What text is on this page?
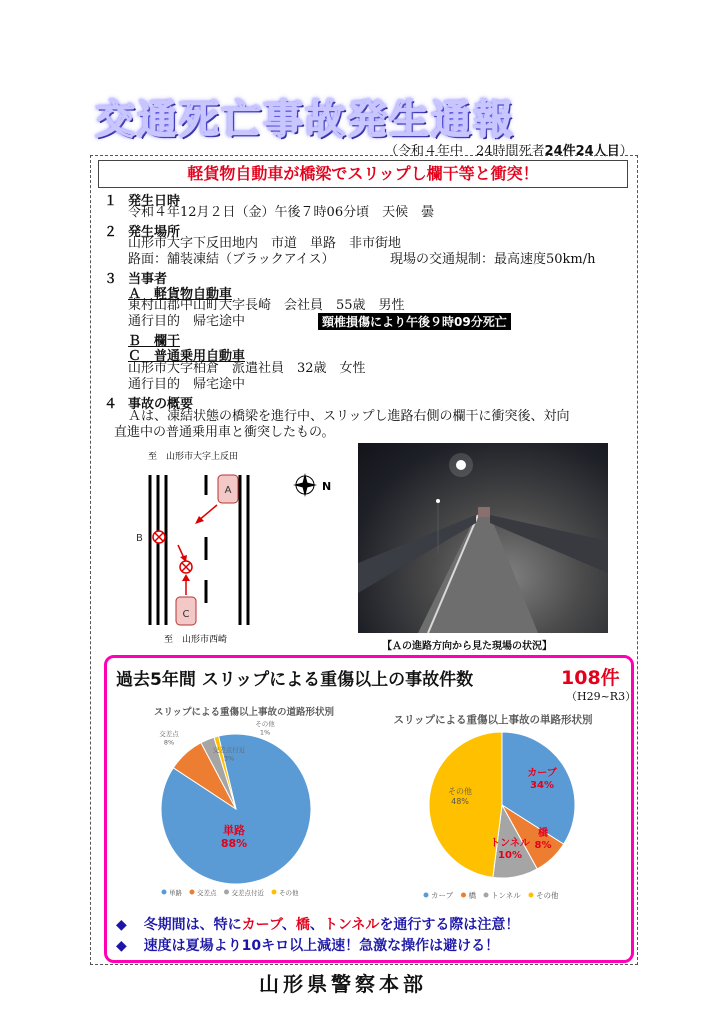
交通死亡事故発生通報
（令和４年中　24時間死者24件24人目）
軽貨物自動車が橋梁でスリップし欄干等と衝突！
１ 発生日時
令和４年12月２日（金）午後７時06分頃　天候　曇
２ 発生場所
山形市大字下反田地内　市道　単路　非市街地
路面：舗装凍結（ブラックアイス）	現場の交通規制：最高速度50km/h
３ 当事者
Ａ　軽貨物自動車
東村山郡中山町大字長崎　会社員　55歳　男性
通行目的　帰宅途中	頸椎損傷により午後９時09分死亡
Ｂ　欄干
Ｃ　普通乗用自動車
山形市大字柏倉　派遣社員　32歳　女性
通行目的　帰宅途中
４ 事故の概要
Ａは、凍結状態の橋梁を進行中、スリップし進路右側の欄干に衝突後、対向
直進中の普通乗用車と衝突したもの。
至　山形市大字上反田
至　山形市西崎
A
B
C
N
【Ａの進路方向から見た現場の状況】
過去5年間 スリップによる重傷以上の事故件数	108件
（H29~R3）
スリップによる重傷以上事故の道路形状別
単路
88%
交差点
8%
交差点付近
3%
その他
1%
単路 交差点 交差点付近 その他
スリップによる重傷以上事故の単路形状別
カーブ
34%
橋
8%
トンネル
10%
その他
48%
カーブ 橋 トンネル その他
◆ 冬期間は、特にカーブ、橋、トンネルを通行する際は注意！
◆ 速度は夏場より10キロ以上減速！急激な操作は避ける！
山形県警察本部
